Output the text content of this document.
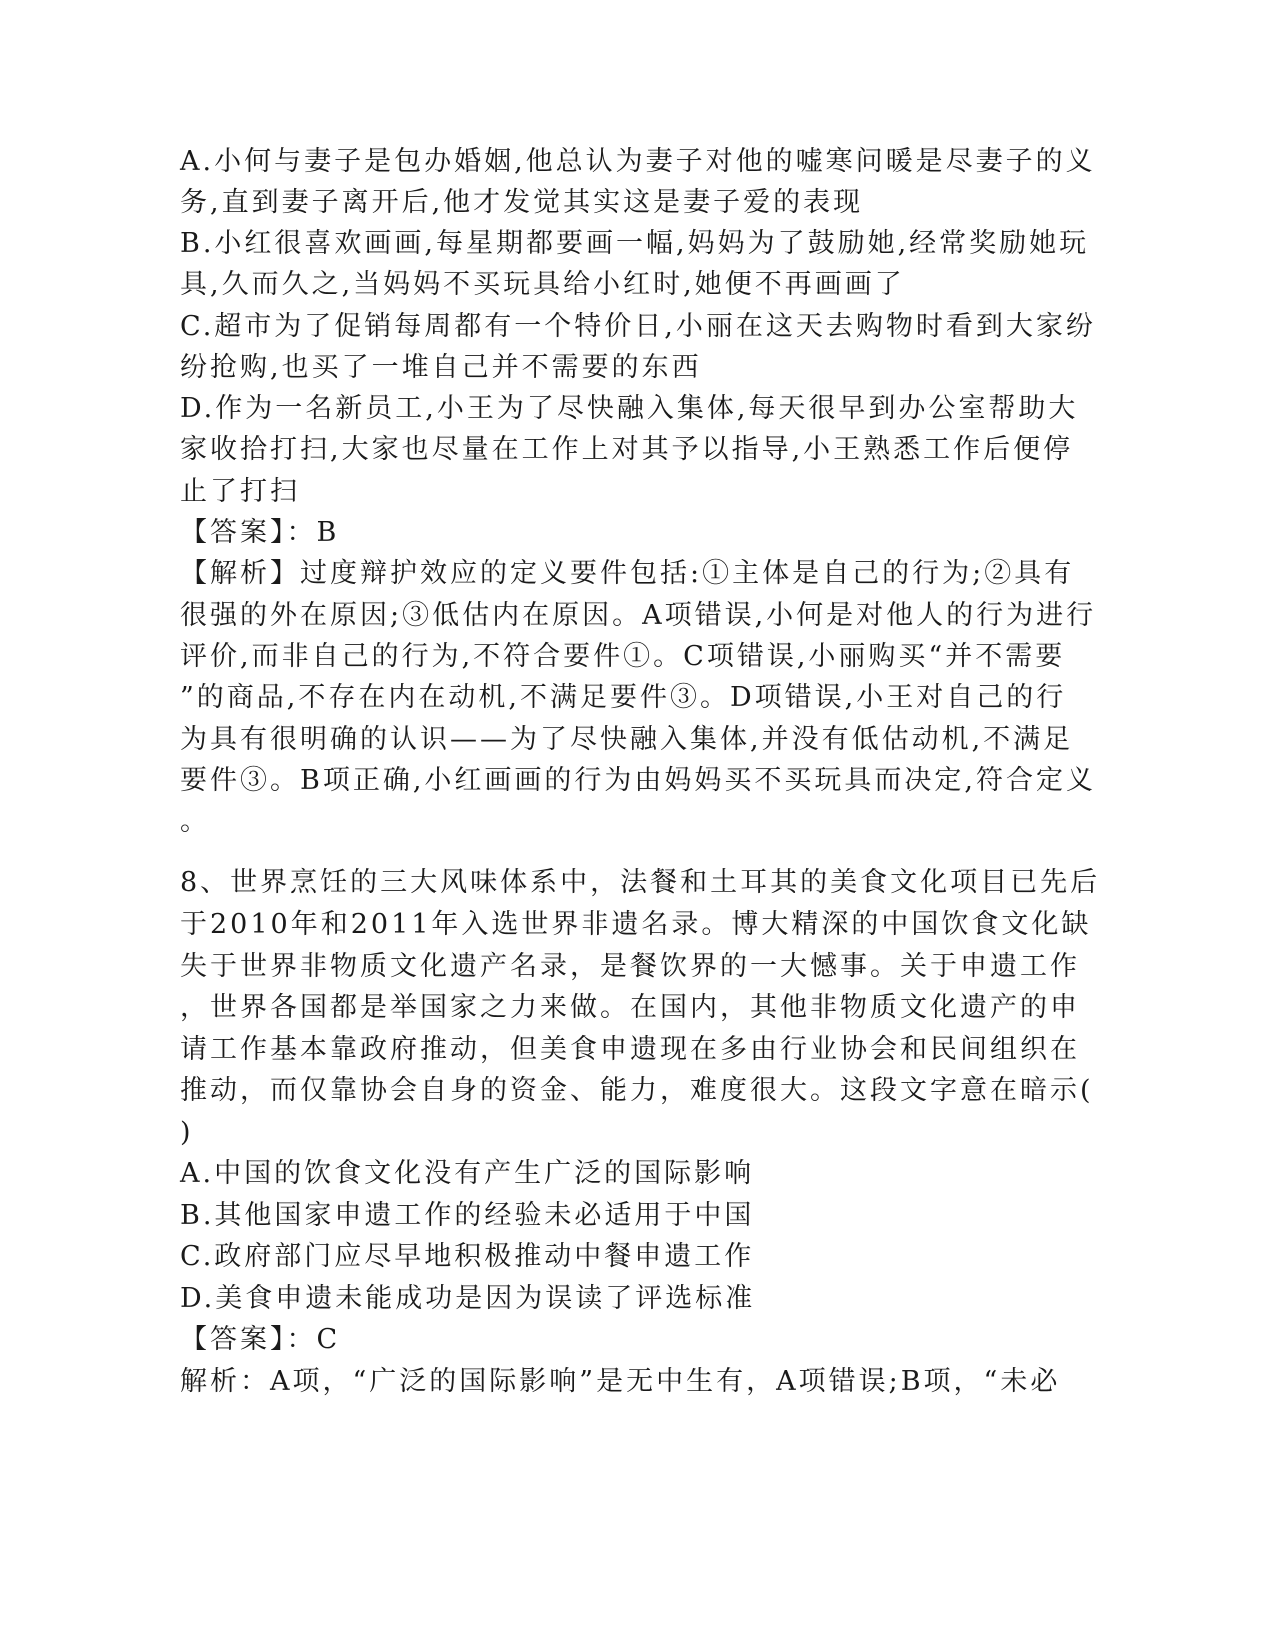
A.小何与妻子是包办婚姻,他总认为妻子对他的嘘寒问暖是尽妻子的义
务,直到妻子离开后,他才发觉其实这是妻子爱的表现
B.小红很喜欢画画,每星期都要画一幅,妈妈为了鼓励她,经常奖励她玩
具,久而久之,当妈妈不买玩具给小红时,她便不再画画了
C.超市为了促销每周都有一个特价日,小丽在这天去购物时看到大家纷
纷抢购,也买了一堆自己并不需要的东西
D.作为一名新员工,小王为了尽快融入集体,每天很早到办公室帮助大
家收拾打扫,大家也尽量在工作上对其予以指导,小王熟悉工作后便停
止了打扫
【答案】：B
【解析】过度辩护效应的定义要件包括:①主体是自己的行为;②具有
很强的外在原因;③低估内在原因。A项错误,小何是对他人的行为进行
评价,而非自己的行为,不符合要件①。C项错误,小丽购买“并不需要
”的商品,不存在内在动机,不满足要件③。D项错误,小王对自己的行
为具有很明确的认识——为了尽快融入集体,并没有低估动机,不满足
要件③。B项正确,小红画画的行为由妈妈买不买玩具而决定,符合定义
。
8、世界烹饪的三大风味体系中，法餐和土耳其的美食文化项目已先后
于2010年和2011年入选世界非遗名录。博大精深的中国饮食文化缺
失于世界非物质文化遗产名录，是餐饮界的一大憾事。关于申遗工作
，世界各国都是举国家之力来做。在国内，其他非物质文化遗产的申
请工作基本靠政府推动，但美食申遗现在多由行业协会和民间组织在
推动，而仅靠协会自身的资金、能力，难度很大。这段文字意在暗示(
)
A.中国的饮食文化没有产生广泛的国际影响
B.其他国家申遗工作的经验未必适用于中国
C.政府部门应尽早地积极推动中餐申遗工作
D.美食申遗未能成功是因为误读了评选标准
【答案】：C
解析：A项，“广泛的国际影响”是无中生有，A项错误;B项，“未必
